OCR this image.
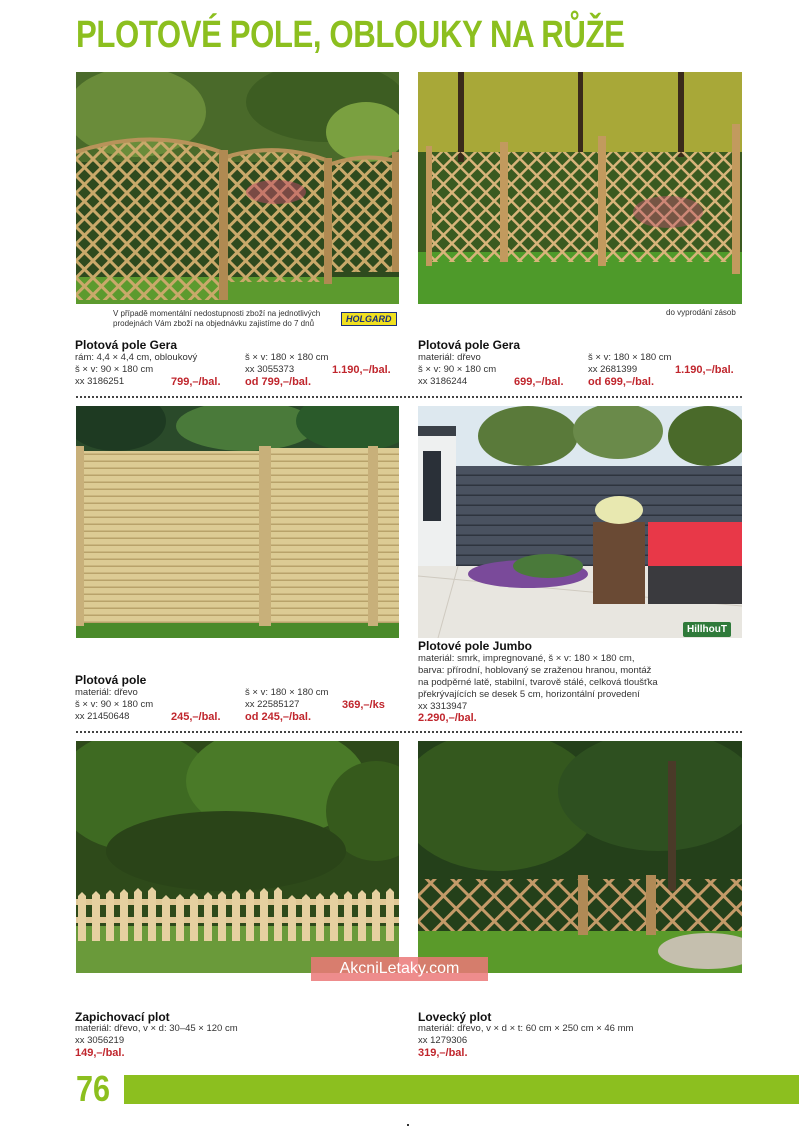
PLOTOVÉ POLE, OBLOUKY NA RŮŽE
V případě momentální nedostupnosti zboží na jednotlivých
prodejnách Vám zboží na objednávku zajistíme do 7 dnů	HOLGARD
do vyprodání zásob
Plotová pole Gera
rám: 4,4 × 4,4 cm, obloukový
š × v: 90 × 180 cm
xx 3186251	799,–/bal.
š × v: 180 × 180 cm
xx 3055373	1.190,–/bal.
od 799,–/bal.
Plotová pole Gera
materiál: dřevo
š × v: 90 × 180 cm
xx 3186244	699,–/bal.
š × v: 180 × 180 cm
xx 2681399	1.190,–/bal.
od 699,–/bal.
HillhouT
Plotová pole
materiál: dřevo
š × v: 90 × 180 cm
xx 21450648	245,–/bal.
š × v: 180 × 180 cm
xx 22585127	369,–/ks
od 245,–/bal.
Plotové pole Jumbo
materiál: smrk, impregnované, š × v: 180 × 180 cm,
barva: přírodní, hoblovaný se zraženou hranou, montáž
na podpěrné latě, stabilní, tvarově stálé, celková tloušťka
překrývajících se desek 5 cm, horizontální provedení
xx 3313947
2.290,–/bal.
AkcniLetaky.com
Zapichovací plot
materiál: dřevo, v × d: 30–45 × 120 cm
xx 3056219
149,–/bal.
Lovecký plot
materiál: dřevo, v × d × t: 60 cm × 250 cm × 46 mm
xx 1279306
319,–/bal.
76
